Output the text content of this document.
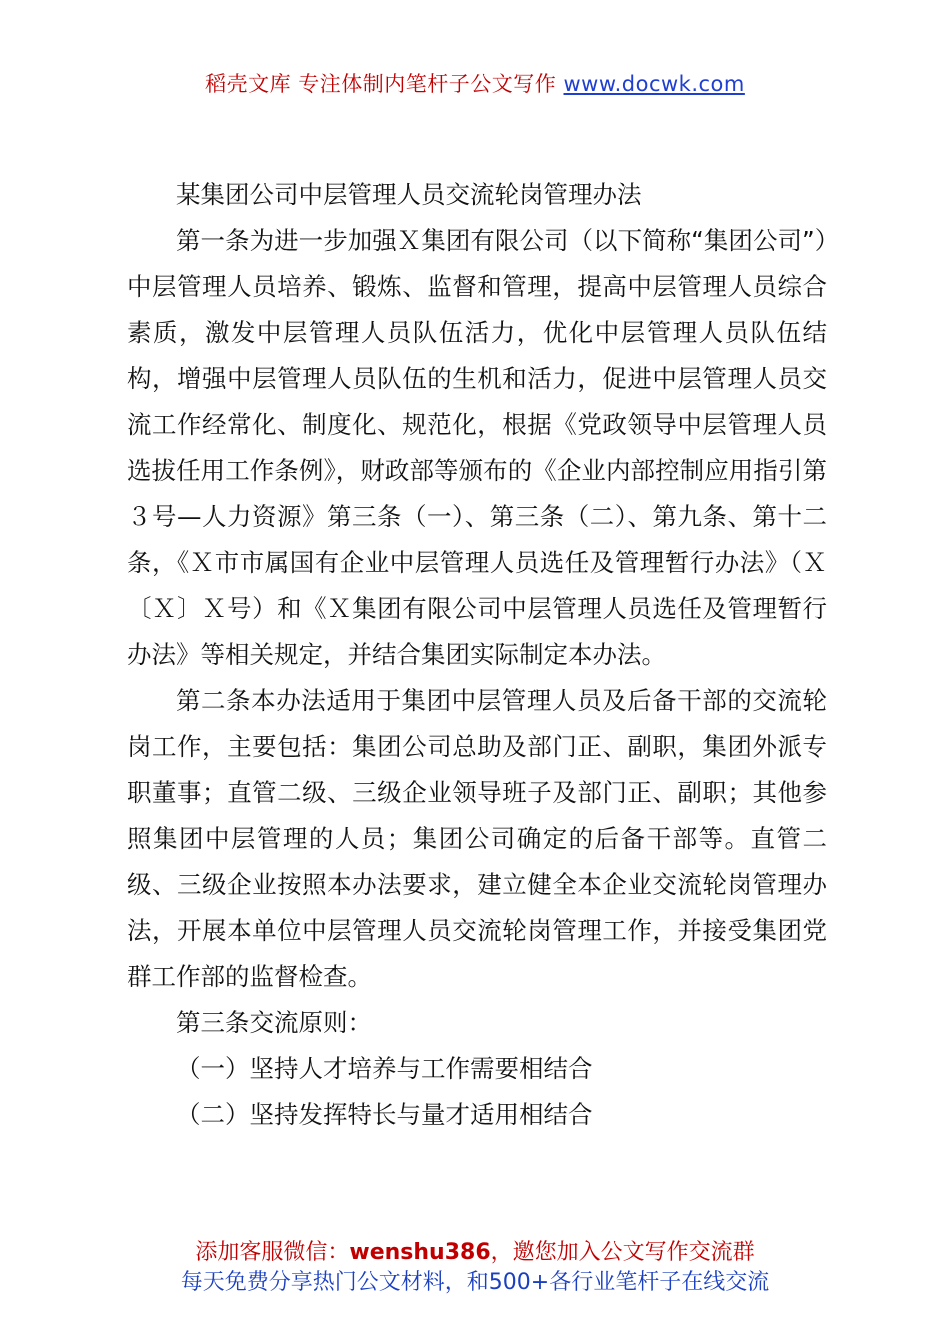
稻壳文库 专注体制内笔杆子公文写作 www.docwk.com

某集团公司中层管理人员交流轮岗管理办法

第一条为进一步加强Ｘ集团有限公司（以下简称“集团公司”）中层管理人员培养、锻炼、监督和管理，提高中层管理人员综合素质，激发中层管理人员队伍活力，优化中层管理人员队伍结构，增强中层管理人员队伍的生机和活力，促进中层管理人员交流工作经常化、制度化、规范化，根据《党政领导中层管理人员选拔任用工作条例》，财政部等颁布的《企业内部控制应用指引第３号—人力资源》第三条（一）、第三条（二）、第九条、第十二条，《Ｘ市市属国有企业中层管理人员选任及管理暂行办法》（Ｘ〔Ｘ〕Ｘ号）和《Ｘ集团有限公司中层管理人员选任及管理暂行办法》等相关规定，并结合集团实际制定本办法。

第二条本办法适用于集团中层管理人员及后备干部的交流轮岗工作，主要包括：集团公司总助及部门正、副职，集团外派专职董事；直管二级、三级企业领导班子及部门正、副职；其他参照集团中层管理的人员；集团公司确定的后备干部等。直管二级、三级企业按照本办法要求，建立健全本企业交流轮岗管理办法，开展本单位中层管理人员交流轮岗管理工作，并接受集团党群工作部的监督检查。

第三条交流原则：

（一）坚持人才培养与工作需要相结合

（二）坚持发挥特长与量才适用相结合

添加客服微信：wenshu386，邀您加入公文写作交流群
每天免费分享热门公文材料，和500+各行业笔杆子在线交流
